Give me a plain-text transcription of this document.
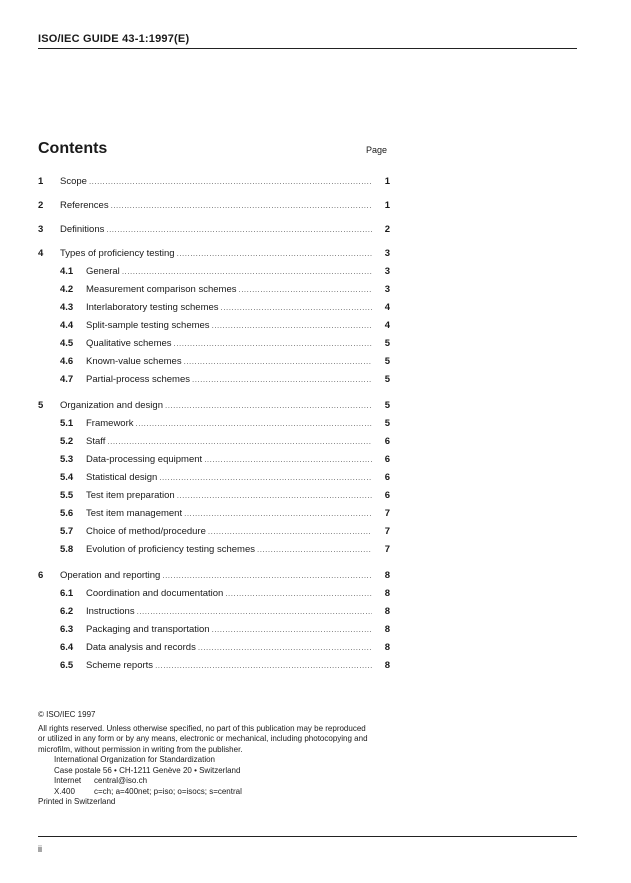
ISO/IEC GUIDE 43-1:1997(E)
Contents	Page
1	Scope .....	1
2	References .....	1
3	Definitions .....	2
4	Types of proficiency testing .....	3
4.1	General .....	3
4.2	Measurement comparison schemes .....	3
4.3	Interlaboratory testing schemes .....	4
4.4	Split-sample testing schemes .....	4
4.5	Qualitative schemes .....	5
4.6	Known-value schemes .....	5
4.7	Partial-process schemes .....	5
5	Organization and design .....	5
5.1	Framework .....	5
5.2	Staff .....	6
5.3	Data-processing equipment .....	6
5.4	Statistical design .....	6
5.5	Test item preparation .....	6
5.6	Test item management .....	7
5.7	Choice of method/procedure .....	7
5.8	Evolution of proficiency testing schemes .....	7
6	Operation and reporting .....	8
6.1	Coordination and documentation .....	8
6.2	Instructions .....	8
6.3	Packaging and transportation .....	8
6.4	Data analysis and records .....	8
6.5	Scheme reports .....	8
© ISO/IEC 1997
All rights reserved. Unless otherwise specified, no part of this publication may be reproduced
or utilized in any form or by any means, electronic or mechanical, including photocopying and
microfilm, without permission in writing from the publisher.
International Organization for Standardization
Case postale 56 • CH-1211 Genève 20 • Switzerland
Internet	central@iso.ch
X.400	c=ch; a=400net; p=iso; o=isocs; s=central
Printed in Switzerland
ii
